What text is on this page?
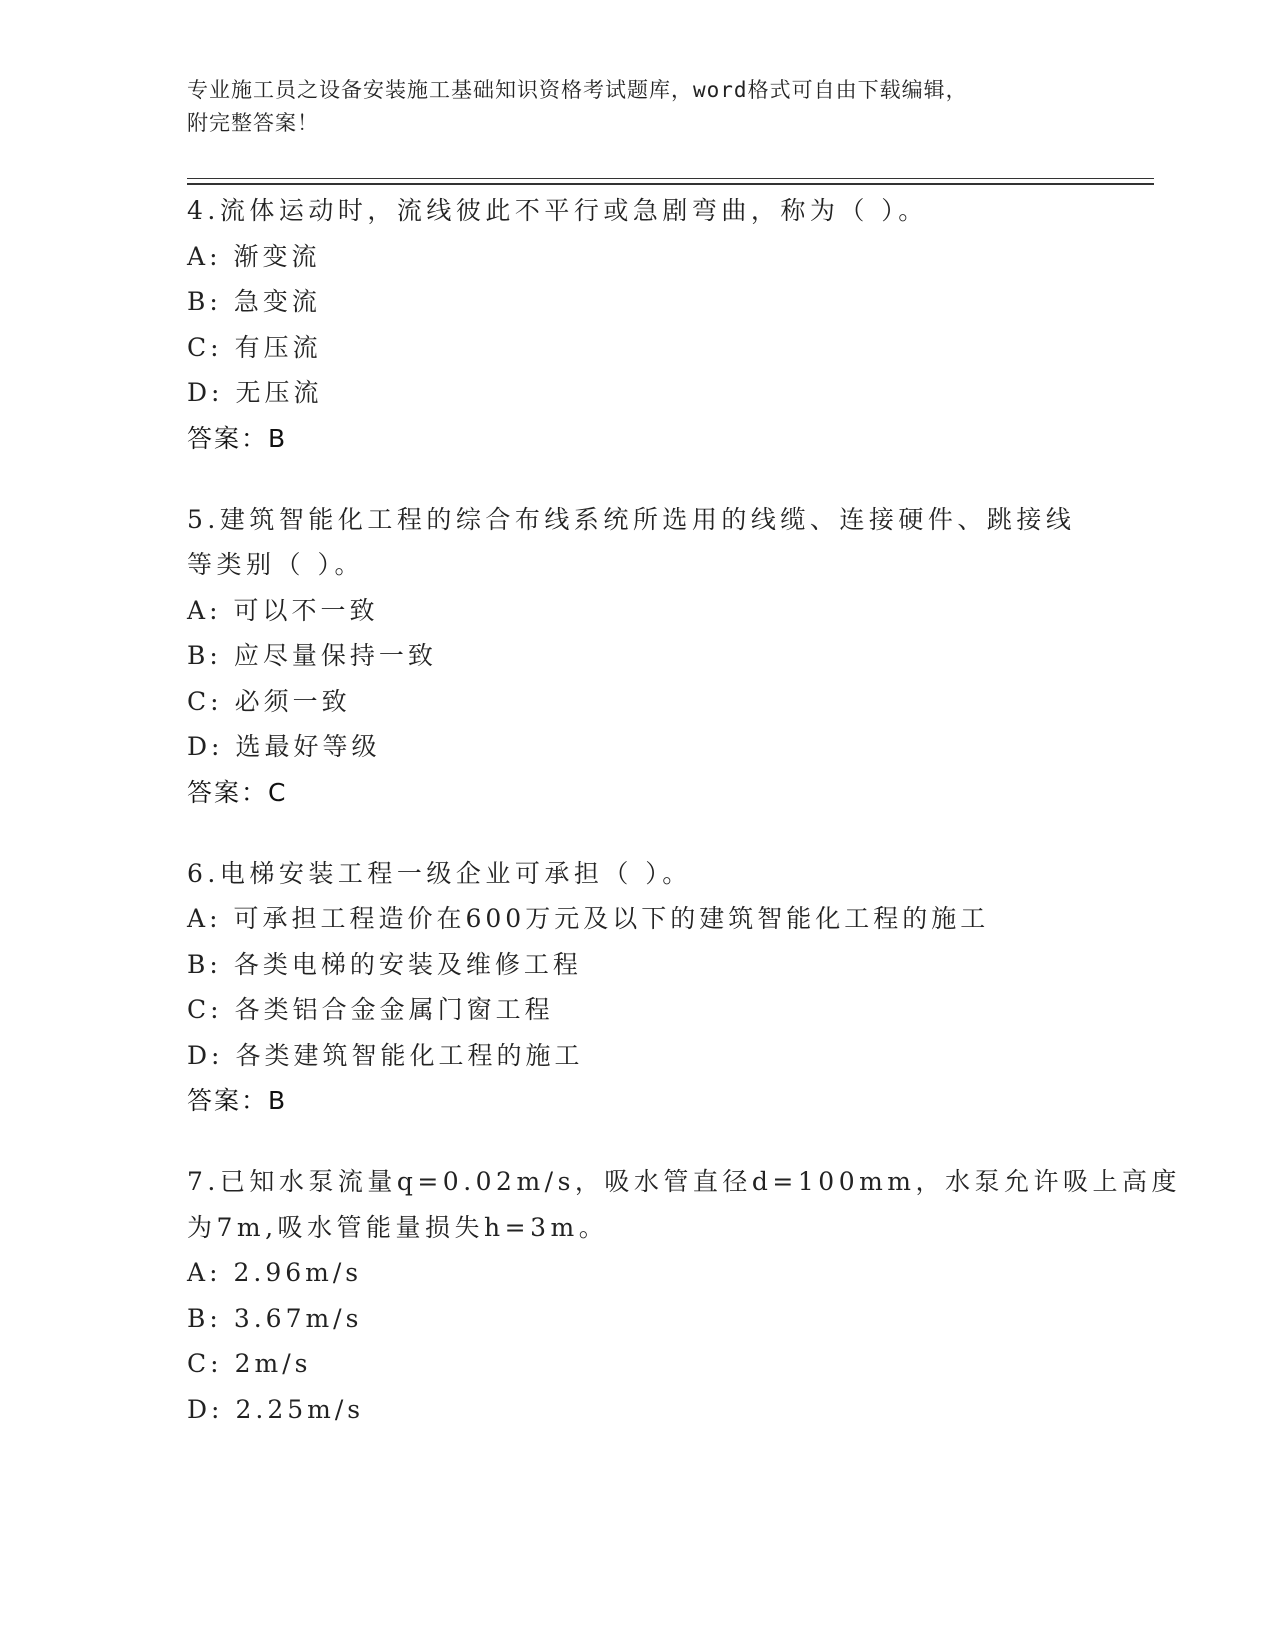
专业施工员之设备安装施工基础知识资格考试题库，word格式可自由下载编辑，
附完整答案！
4.流体运动时，流线彼此不平行或急剧弯曲，称为（ ）。
A: 渐变流
B: 急变流
C: 有压流
D: 无压流
答案：B
5.建筑智能化工程的综合布线系统所选用的线缆、连接硬件、跳接线
等类别（ ）。
A: 可以不一致
B: 应尽量保持一致
C: 必须一致
D: 选最好等级
答案：C
6.电梯安装工程一级企业可承担（ ）。
A: 可承担工程造价在600万元及以下的建筑智能化工程的施工
B: 各类电梯的安装及维修工程
C: 各类铝合金金属门窗工程
D: 各类建筑智能化工程的施工
答案：B
7.已知水泵流量q=0.02m/s，吸水管直径d=100mm，水泵允许吸上高度
为7m,吸水管能量损失h=3m。
A: 2.96m/s
B: 3.67m/s
C: 2m/s
D: 2.25m/s
